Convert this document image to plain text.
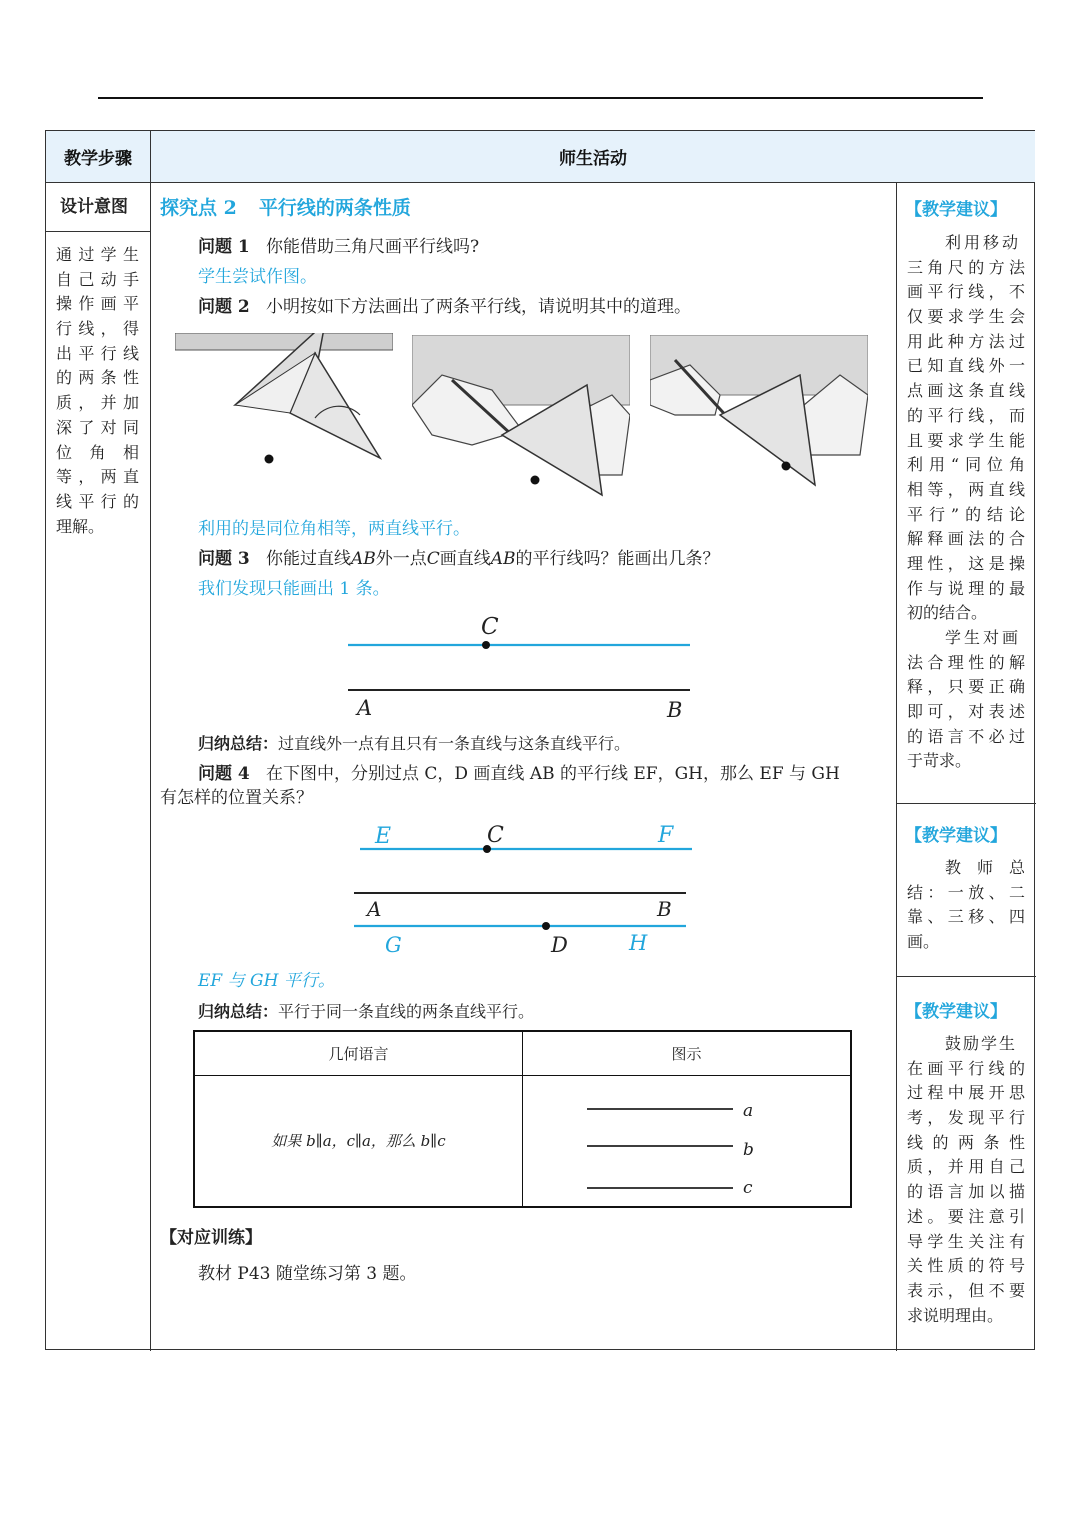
教学步骤	师生活动
设计意图
通过学生
自己动手
操作画平
行线，得
出平行线
的两条性
质，并加
深了对同
位角相
等，两直
线平行的
理解。
探究点 2 平行线的两条性质
问题 1 你能借助三角尺画平行线吗?
学生尝试作图。
问题 2 小明按如下方法画出了两条平行线，请说明其中的道理。
利用的是同位角相等，两直线平行。
问题 3 你能过直线AB外一点C画直线AB的平行线吗？能画出几条？
我们发现只能画出 1 条。
C
A	B
归纳总结：过直线外一点有且只有一条直线与这条直线平行。
问题 4 在下图中，分别过点 C，D 画直线 AB 的平行线 EF，GH，那么 EF 与 GH
有怎样的位置关系？
E	C	F
A	B
G	D	H
EF 与 GH 平行。
归纳总结：平行于同一条直线的两条直线平行。
几何语言	图示
如果 b∥a，c∥a，那么 b∥c	a
b
c
【对应训练】
教材 P43 随堂练习第 3 题。
【教学建议】
利用移动
三角尺的方法
画平行线，不
仅要求学生会
用此种方法过
已知直线外一
点画这条直线
的平行线，而
且要求学生能
利用“同位角
相等，两直线
平行”的结论
解释画法的合
理性，这是操
作与说理的最
初的结合。
学生对画
法合理性的解
释，只要正确
即可，对表述
的语言不必过
于苛求。
【教学建议】
教师总
结：一放、二
靠、三移、四
画。
【教学建议】
鼓励学生
在画平行线的
过程中展开思
考，发现平行
线的两条性
质，并用自己
的语言加以描
述。要注意引
导学生关注有
关性质的符号
表示，但不要
求说明理由。
